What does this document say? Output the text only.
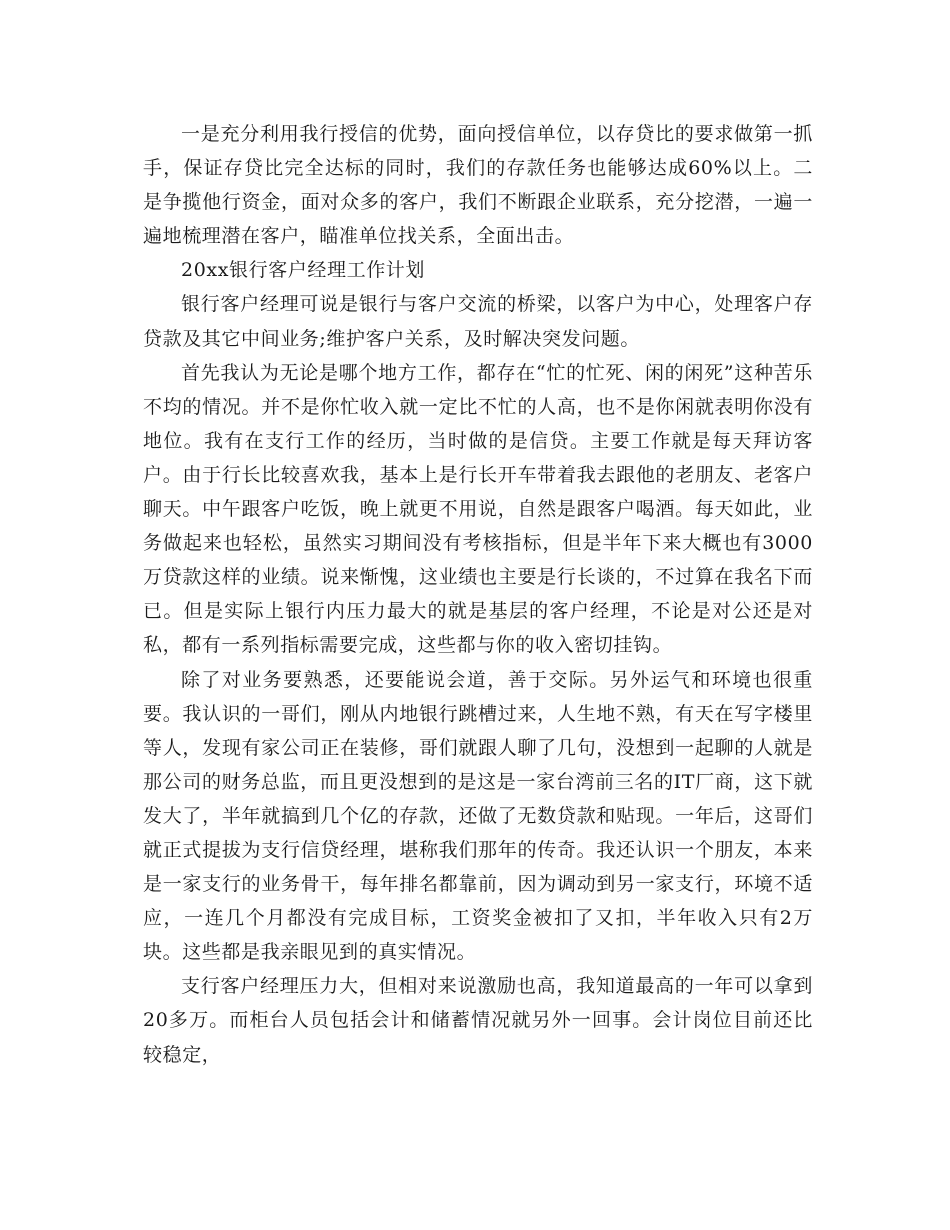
一是充分利用我行授信的优势，面向授信单位，以存贷比的要求做第一抓手，保证存贷比完全达标的同时，我们的存款任务也能够达成60%以上。二是争揽他行资金，面对众多的客户，我们不断跟企业联系，充分挖潜，一遍一遍地梳理潜在客户，瞄准单位找关系，全面出击。

20xx银行客户经理工作计划

银行客户经理可说是银行与客户交流的桥梁，以客户为中心，处理客户存贷款及其它中间业务;维护客户关系，及时解决突发问题。

首先我认为无论是哪个地方工作，都存在“忙的忙死、闲的闲死”这种苦乐不均的情况。并不是你忙收入就一定比不忙的人高，也不是你闲就表明你没有地位。我有在支行工作的经历，当时做的是信贷。主要工作就是每天拜访客户。由于行长比较喜欢我，基本上是行长开车带着我去跟他的老朋友、老客户聊天。中午跟客户吃饭，晚上就更不用说，自然是跟客户喝酒。每天如此，业务做起来也轻松，虽然实习期间没有考核指标，但是半年下来大概也有3000万贷款这样的业绩。说来惭愧，这业绩也主要是行长谈的，不过算在我名下而已。但是实际上银行内压力最大的就是基层的客户经理，不论是对公还是对私，都有一系列指标需要完成，这些都与你的收入密切挂钩。

除了对业务要熟悉，还要能说会道，善于交际。另外运气和环境也很重要。我认识的一哥们，刚从内地银行跳槽过来，人生地不熟，有天在写字楼里等人，发现有家公司正在装修，哥们就跟人聊了几句，没想到一起聊的人就是那公司的财务总监，而且更没想到的是这是一家台湾前三名的IT厂商，这下就发大了，半年就搞到几个亿的存款，还做了无数贷款和贴现。一年后，这哥们就正式提拔为支行信贷经理，堪称我们那年的传奇。我还认识一个朋友，本来是一家支行的业务骨干，每年排名都靠前，因为调动到另一家支行，环境不适应，一连几个月都没有完成目标，工资奖金被扣了又扣，半年收入只有2万块。这些都是我亲眼见到的真实情况。

支行客户经理压力大，但相对来说激励也高，我知道最高的一年可以拿到20多万。而柜台人员包括会计和储蓄情况就另外一回事。会计岗位目前还比较稳定，
